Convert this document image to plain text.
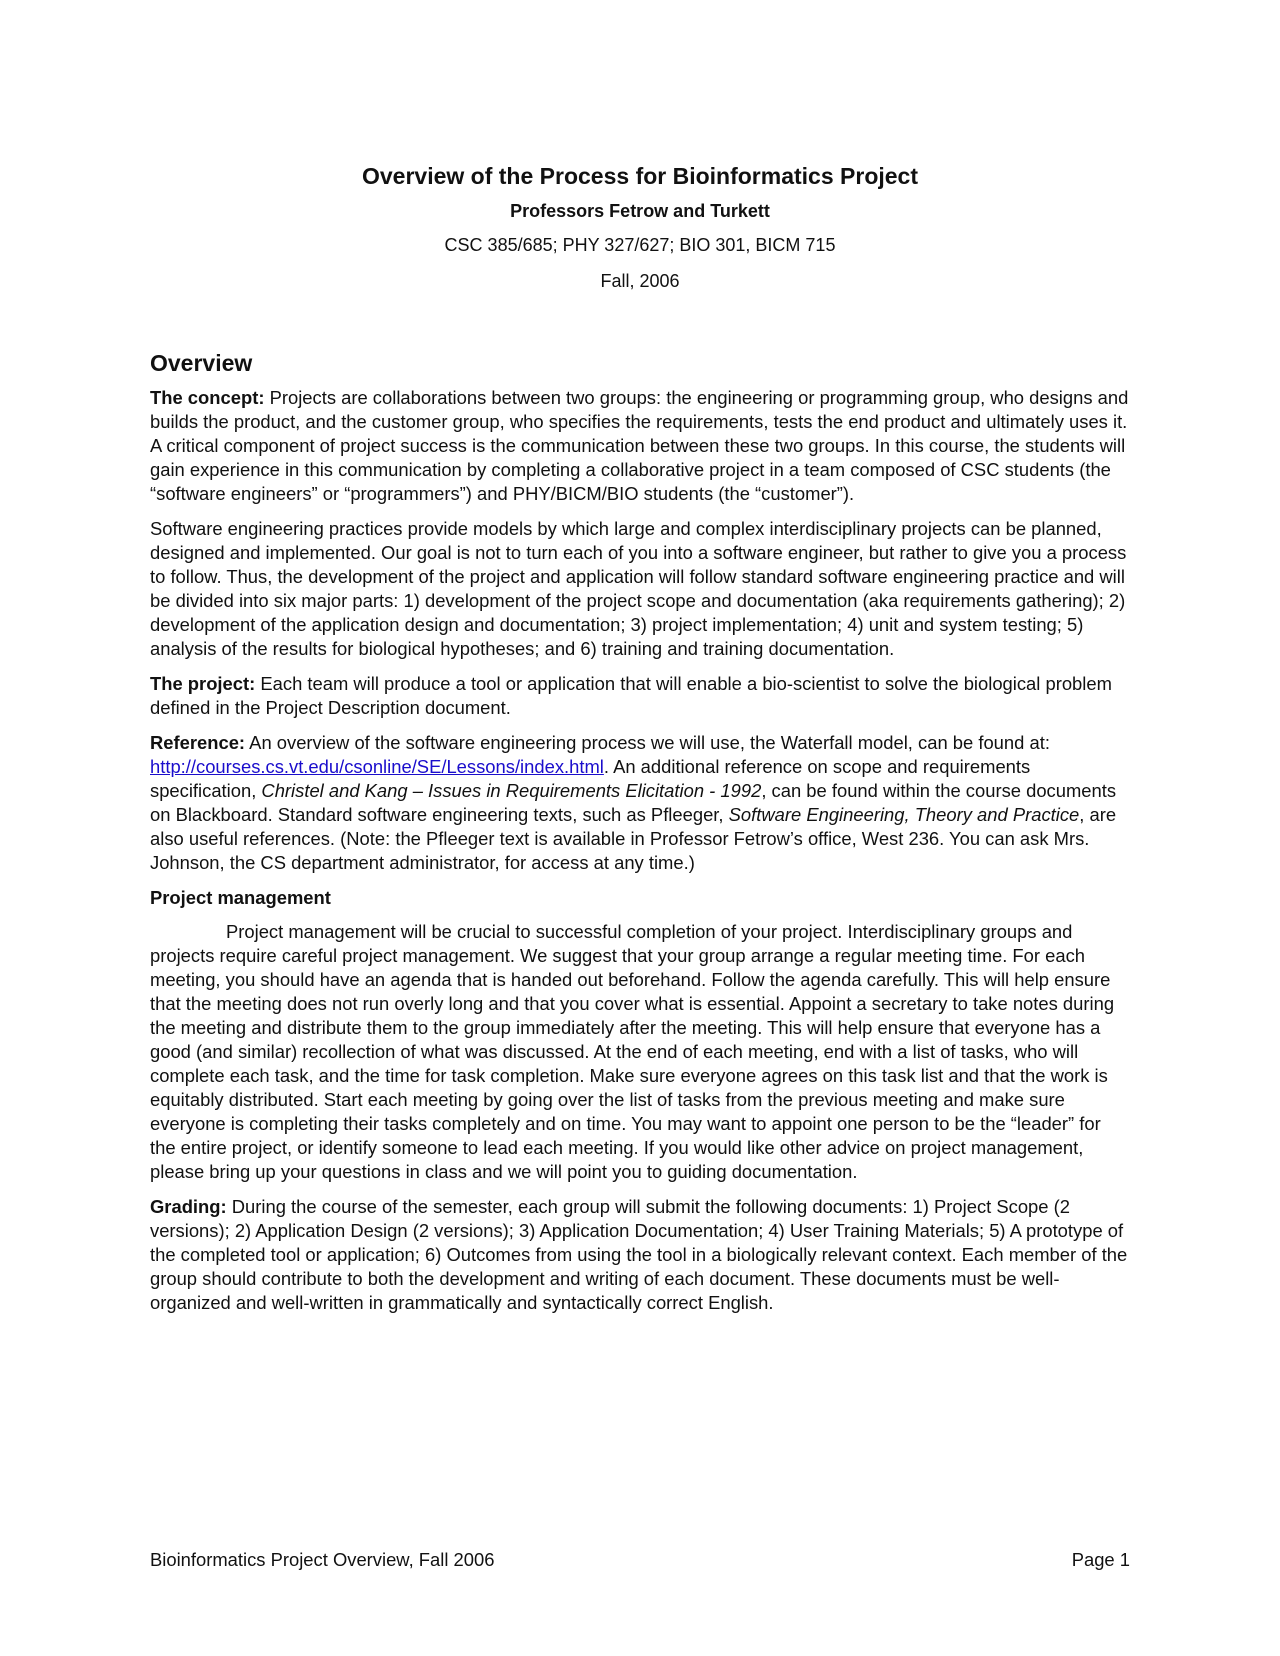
Overview of the Process for Bioinformatics Project
Professors Fetrow and Turkett
CSC 385/685; PHY 327/627; BIO 301, BICM 715
Fall, 2006
Overview

The concept: Projects are collaborations between two groups: the engineering or programming group, who designs and builds the product, and the customer group, who specifies the requirements, tests the end product and ultimately uses it. A critical component of project success is the communication between these two groups. In this course, the students will gain experience in this communication by completing a collaborative project in a team composed of CSC students (the “software engineers” or “programmers”) and PHY/BICM/BIO students (the “customer”).

Software engineering practices provide models by which large and complex interdisciplinary projects can be planned, designed and implemented. Our goal is not to turn each of you into a software engineer, but rather to give you a process to follow. Thus, the development of the project and application will follow standard software engineering practice and will be divided into six major parts: 1) development of the project scope and documentation (aka requirements gathering); 2) development of the application design and documentation; 3) project implementation; 4) unit and system testing; 5) analysis of the results for biological hypotheses; and 6) training and training documentation.

The project: Each team will produce a tool or application that will enable a bio-scientist to solve the biological problem defined in the Project Description document.

Reference: An overview of the software engineering process we will use, the Waterfall model, can be found at: http://courses.cs.vt.edu/csonline/SE/Lessons/index.html. An additional reference on scope and requirements specification, Christel and Kang – Issues in Requirements Elicitation - 1992, can be found within the course documents on Blackboard. Standard software engineering texts, such as Pfleeger, Software Engineering, Theory and Practice, are also useful references. (Note: the Pfleeger text is available in Professor Fetrow’s office, West 236. You can ask Mrs. Johnson, the CS department administrator, for access at any time.)

Project management

Project management will be crucial to successful completion of your project. Interdisciplinary groups and projects require careful project management. We suggest that your group arrange a regular meeting time. For each meeting, you should have an agenda that is handed out beforehand. Follow the agenda carefully. This will help ensure that the meeting does not run overly long and that you cover what is essential. Appoint a secretary to take notes during the meeting and distribute them to the group immediately after the meeting. This will help ensure that everyone has a good (and similar) recollection of what was discussed. At the end of each meeting, end with a list of tasks, who will complete each task, and the time for task completion. Make sure everyone agrees on this task list and that the work is equitably distributed. Start each meeting by going over the list of tasks from the previous meeting and make sure everyone is completing their tasks completely and on time. You may want to appoint one person to be the “leader” for the entire project, or identify someone to lead each meeting. If you would like other advice on project management, please bring up your questions in class and we will point you to guiding documentation.

Grading: During the course of the semester, each group will submit the following documents: 1) Project Scope (2 versions); 2) Application Design (2 versions); 3) Application Documentation; 4) User Training Materials; 5) A prototype of the completed tool or application; 6) Outcomes from using the tool in a biologically relevant context. Each member of the group should contribute to both the development and writing of each document. These documents must be well-organized and well-written in grammatically and syntactically correct English.

Bioinformatics Project Overview, Fall 2006	Page 1
